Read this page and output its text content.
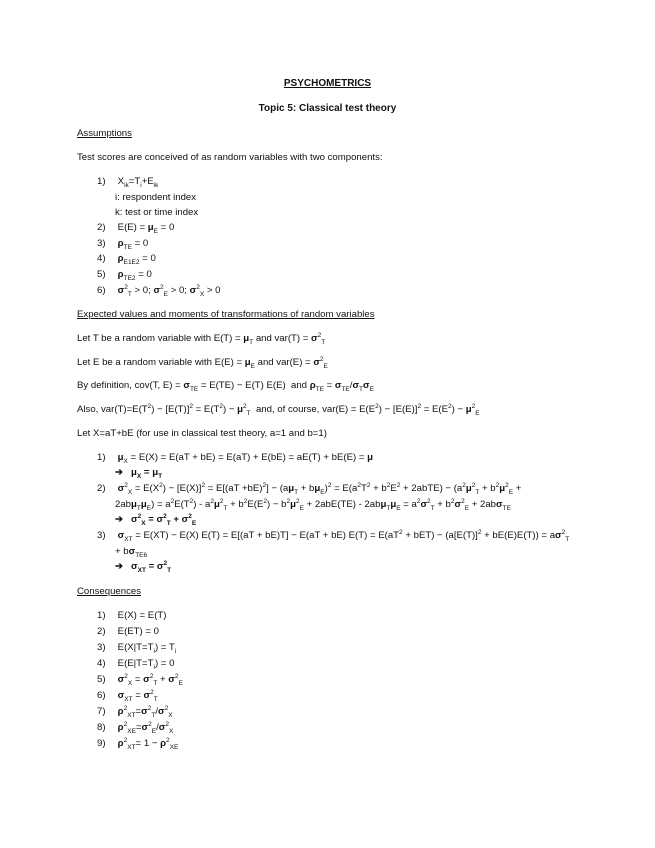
PSYCHOMETRICS
Topic 5: Classical test theory
Assumptions
Test scores are conceived of as random variables with two components:
1) $X_{ik}=T_i+E_{ik}$
i: respondent index
k: test or time index
2) $E(E) = \mu_E = 0$
3) $\rho_{TE} = 0$
4) $\rho_{E1E2} = 0$
5) $\rho_{TE2} = 0$
6) $\sigma^2_T > 0$; $\sigma^2_E > 0$; $\sigma^2_X > 0$
Expected values and moments of transformations of random variables
Let T be a random variable with $E(T) = \mu_T$ and $var(T) = \sigma^2_T$
Let E be a random variable with $E(E) = \mu_E$ and $var(E) = \sigma^2_E$
By definition, cov(T, $E) = \sigma_{TE} = E(TE) - E(T)$ E(E)  and $\rho_{TE} = \sigma_{TE}/\sigma_T\sigma_E$
Also, $var(T)=E(T^2) - [E(T)]^2 = E(T^2) - \mu^2_T$  and, of course, $var(E) = E(E^2) - [E(E)]^2 = E(E^2) - \mu^2_E$
Let X=aT+bE (for use in classical test theory, a=1 and b=1)
1) $\mu_X = E(X) = E(aT + bE) = E(aT) + E(bE) = aE(T) + bE(E) = \mu$
➔ $\mu_X = \mu_T$
2) $\sigma^2_X = E(X^2) - [E(X)]^2 = E[(aT +bE)^2] - (a\mu_T + b\mu_E)^2 = E(a^2T^2 + b^2E^2$ + 2abTE) − ($a^2\mu^2_T + b^2\mu^2_E$ +
$2ab\mu_T\mu_E) = a^2E(T^2) - a^2\mu^2_T + b^2E(E^2) - b^2\mu^2_E + 2abE(TE) - 2ab\mu_T\mu_E = a^2\sigma^2_T + b^2\sigma^2_E + 2ab\sigma_{TE}$
➔ $\sigma^2_X = \sigma^2_T + \sigma^2_E$
3) $\sigma_{XT} = E(XT) - E(X) E(T) = E[(aT + bE)T] - E(aT + bE) E(T) = E(aT^2 + bET) - (a[E(T)]^2 + bE(E)E(T)) = a\sigma^2_T$
+ $b\sigma_{TE6}$
➔ $\sigma_{XT} = \sigma^2_T$
Consequences
1) E(X) = E(T)
2) E(ET) = 0
3) $E(X|T=T_i) = T_i$
4) $E(E|T=T_i) = 0$
5) $\sigma^2_X = \sigma^2_T + \sigma^2_E$
6) $\sigma_{XT} = \sigma^2_T$
7) $\rho^2_{XT}=\sigma^2_T/\sigma^2_X$
8) $\rho^2_{XE}=\sigma^2_E/\sigma^2_X$
9) $\rho^2_{XT}= 1 - \rho^2_{XE}$
